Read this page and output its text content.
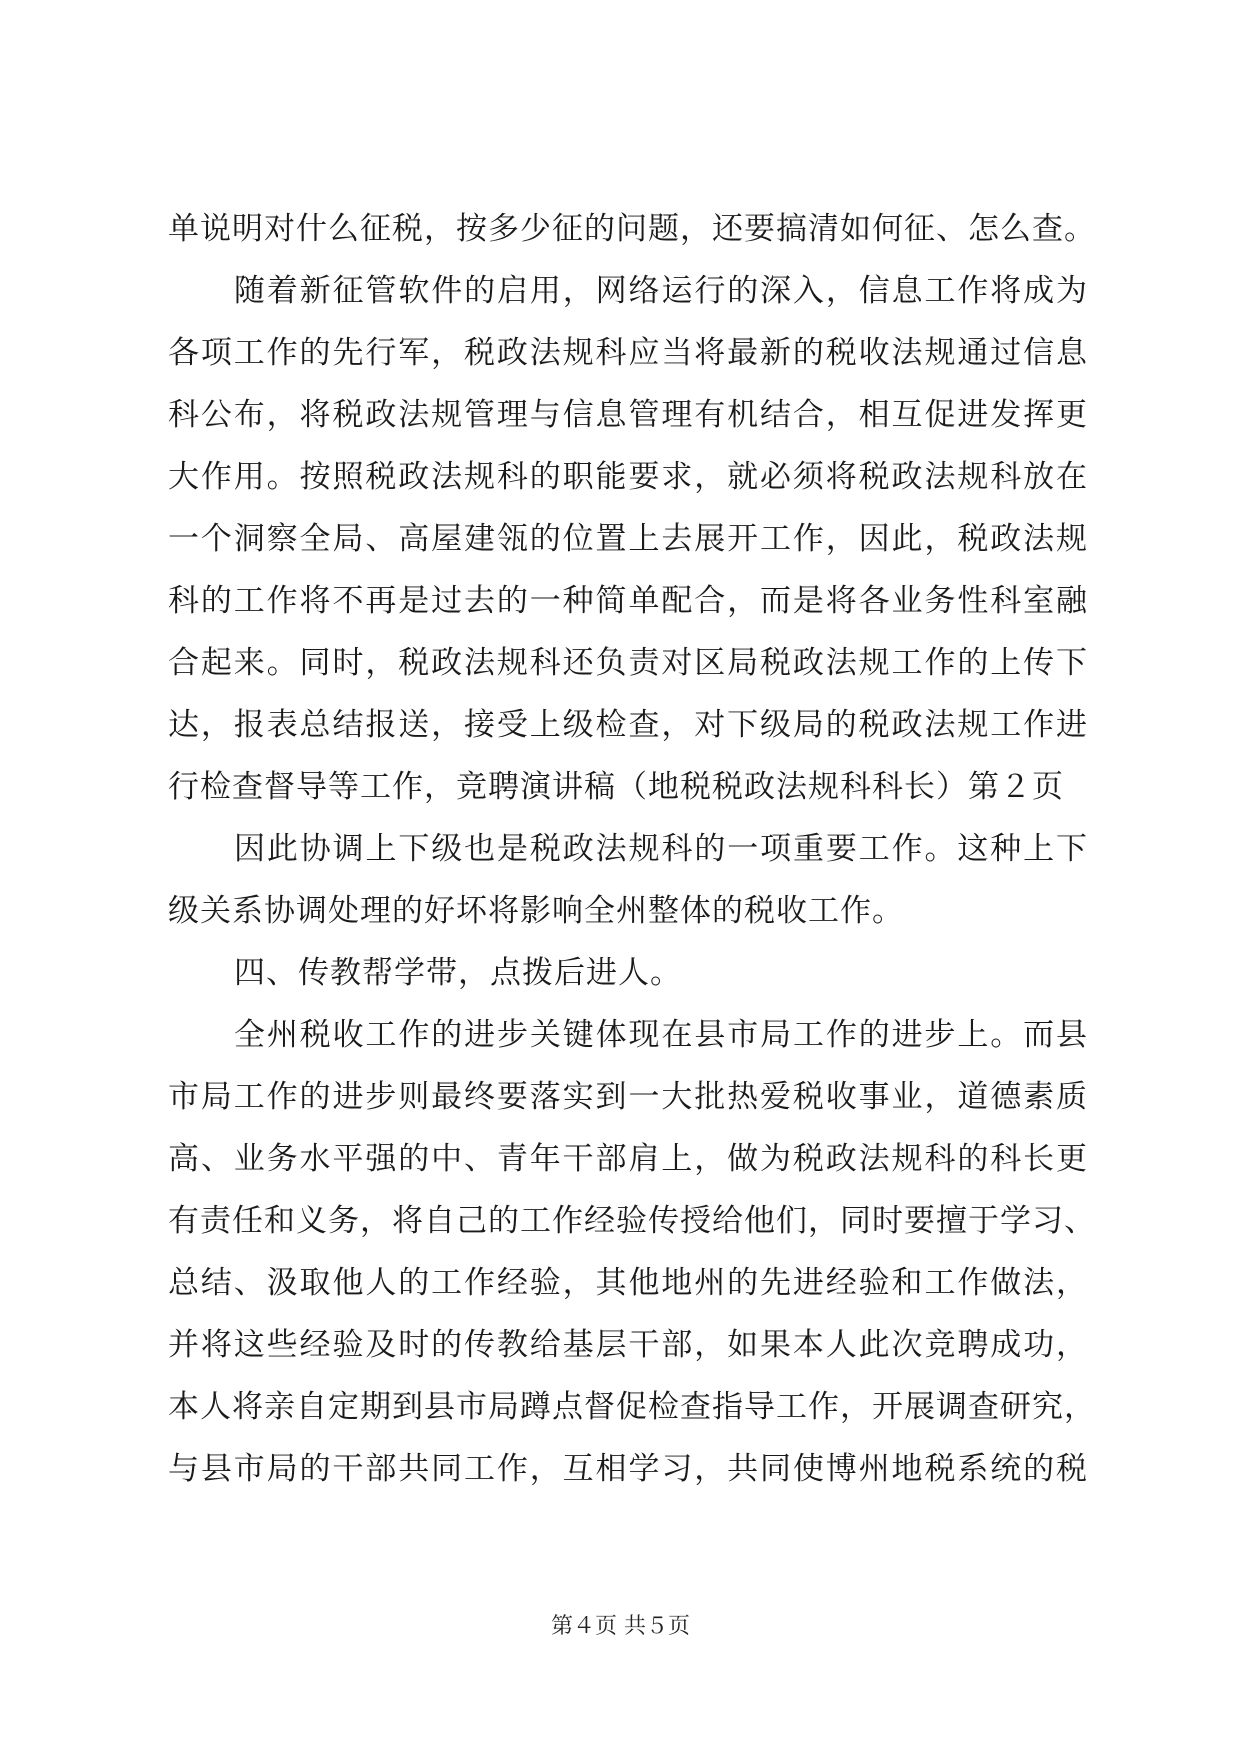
单说明对什么征税，按多少征的问题，还要搞清如何征、怎么查。
随着新征管软件的启用，网络运行的深入，信息工作将成为
各项工作的先行军，税政法规科应当将最新的税收法规通过信息
科公布，将税政法规管理与信息管理有机结合，相互促进发挥更
大作用。按照税政法规科的职能要求，就必须将税政法规科放在
一个洞察全局、高屋建瓴的位置上去展开工作，因此，税政法规
科的工作将不再是过去的一种简单配合，而是将各业务性科室融
合起来。同时，税政法规科还负责对区局税政法规工作的上传下
达，报表总结报送，接受上级检查，对下级局的税政法规工作进
行检查督导等工作，竞聘演讲稿（地税税政法规科科长）第２页
因此协调上下级也是税政法规科的一项重要工作。这种上下
级关系协调处理的好坏将影响全州整体的税收工作。
四、传教帮学带，点拨后进人。
全州税收工作的进步关键体现在县市局工作的进步上。而县
市局工作的进步则最终要落实到一大批热爱税收事业，道德素质
高、业务水平强的中、青年干部肩上，做为税政法规科的科长更
有责任和义务，将自己的工作经验传授给他们，同时要擅于学习、
总结、汲取他人的工作经验，其他地州的先进经验和工作做法，
并将这些经验及时的传教给基层干部，如果本人此次竞聘成功，
本人将亲自定期到县市局蹲点督促检查指导工作，开展调查研究，
与县市局的干部共同工作，互相学习，共同使博州地税系统的税
第４页 共５页
